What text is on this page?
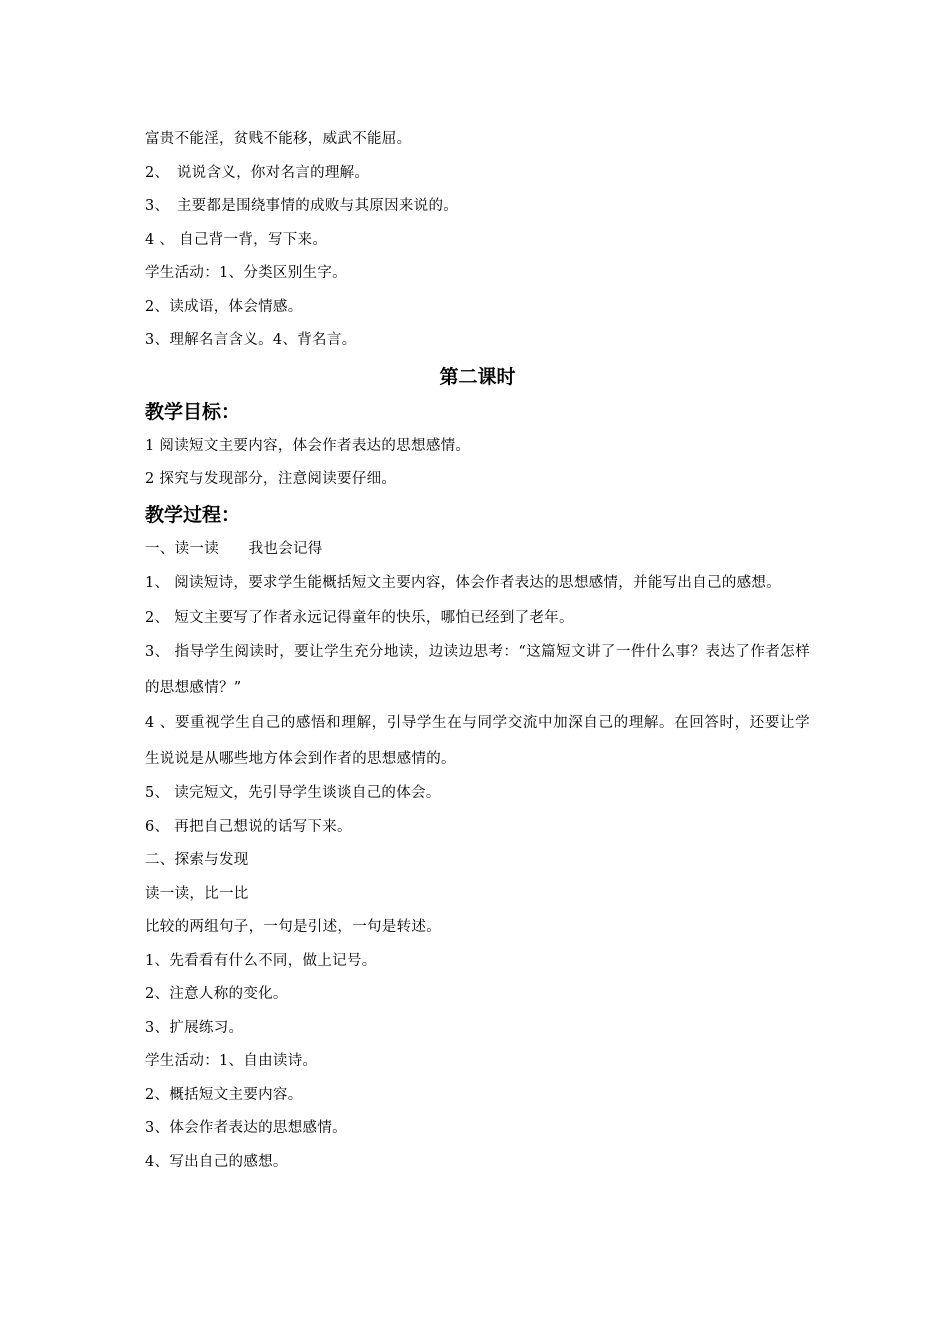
富贵不能淫，贫贱不能移，威武不能屈。
2、　说说含义，你对名言的理解。
3、　主要都是围绕事情的成败与其原因来说的。
4 、 自己背一背，写下来。
学生活动：1、分类区别生字。
2、读成语，体会情感。
3、理解名言含义。4、背名言。
第二课时
教学目标：
1 阅读短文主要内容，体会作者表达的思想感情。
2 探究与发现部分，注意阅读要仔细。
教学过程：
一、读一读　　我也会记得
1、 阅读短诗，要求学生能概括短文主要内容，体会作者表达的思想感情，并能写出自己的感想。
2、 短文主要写了作者永远记得童年的快乐，哪怕已经到了老年。
3、 指导学生阅读时，要让学生充分地读，边读边思考：“这篇短文讲了一件什么事？表达了作者怎样的思想感情？”
4 、要重视学生自己的感悟和理解，引导学生在与同学交流中加深自己的理解。在回答时，还要让学生说说是从哪些地方体会到作者的思想感情的。
5、 读完短文，先引导学生谈谈自己的体会。
6、 再把自己想说的话写下来。
二、探索与发现
读一读，比一比
比较的两组句子，一句是引述，一句是转述。
1、先看看有什么不同，做上记号。
2、注意人称的变化。
3、扩展练习。
学生活动：1、自由读诗。
2、概括短文主要内容。
3、体会作者表达的思想感情。
4、写出自己的感想。
